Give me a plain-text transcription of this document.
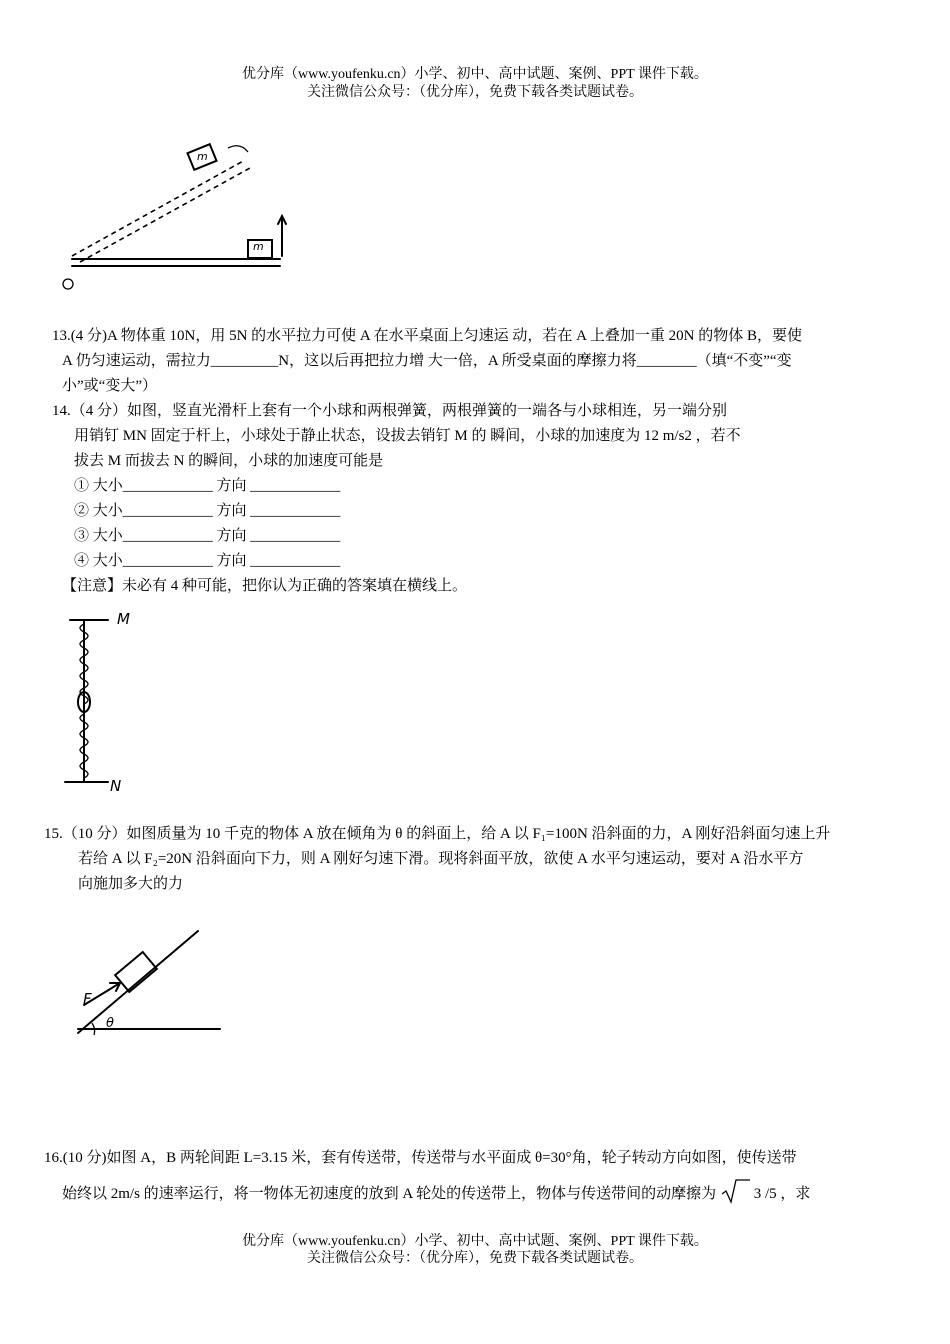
优分库（www.youfenku.cn）小学、初中、高中试题、案例、PPT 课件下载。
关注微信公众号：（优分库），免费下载各类试题试卷。
m
m
13.(4 分)A 物体重 10N，用 5N 的水平拉力可使 A 在水平桌面上匀速运 动，若在 A 上叠加一重 20N 的物体 B，要使
A 仍匀速运动，需拉力_________N，这以后再把拉力增 大一倍，A 所受桌面的摩擦力将________（填“不变”“变
小”或“变大”）
14.（4 分）如图，竖直光滑杆上套有一个小球和两根弹簧，两根弹簧的一端各与小球相连，另一端分别
用销钉 MN 固定于杆上，小球处于静止状态，设拔去销钉 M 的 瞬间，小球的加速度为 12 m/s2 ，若不
拔去 M 而拔去 N 的瞬间，小球的加速度可能是
① 大小____________ 方向 ____________
② 大小____________ 方向 ____________
③ 大小____________ 方向 ____________
④ 大小____________ 方向 ____________
【注意】未必有 4 种可能，把你认为正确的答案填在横线上。
M
N
15.（10 分）如图质量为 10 千克的物体 A 放在倾角为 θ 的斜面上，给 A 以 F₁=100N 沿斜面的力，A 刚好沿斜面匀速上升
若给 A 以 F₂=20N 沿斜面向下力，则 A 刚好匀速下滑。现将斜面平放，欲使 A 水平匀速运动，要对 A 沿水平方
向施加多大的力
F
θ
16.(10 分)如图 A，B 两轮间距 L=3.15 米，套有传送带，传送带与水平面成 θ=30°角，轮子转动方向如图，使传送带
始终以 2m/s 的速率运行，将一物体无初速度的放到 A 轮处的传送带上，物体与传送带间的动摩擦为	3 /5 ，求
优分库（www.youfenku.cn）小学、初中、高中试题、案例、PPT 课件下载。
关注微信公众号：（优分库），免费下载各类试题试卷。
